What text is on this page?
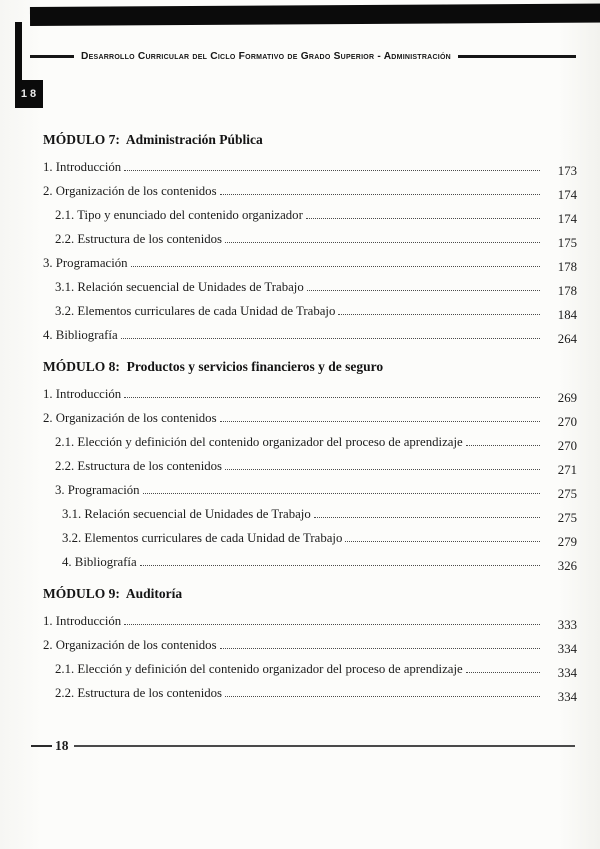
18
Desarrollo Curricular del Ciclo Formativo de Grado Superior - Administración
MÓDULO 7:  Administración Pública
1. Introducción	173
2. Organización de los contenidos	174
2.1. Tipo y enunciado del contenido organizador	174
2.2. Estructura de los contenidos	175
3. Programación	178
3.1. Relación secuencial de Unidades de Trabajo	178
3.2. Elementos curriculares de cada Unidad de Trabajo	184
4. Bibliografía	264
MÓDULO 8:  Productos y servicios financieros y de seguro
1. Introducción	269
2. Organización de los contenidos	270
2.1. Elección y definición del contenido organizador del proceso de aprendizaje	270
2.2. Estructura de los contenidos	271
3. Programación	275
3.1. Relación secuencial de Unidades de Trabajo	275
3.2. Elementos curriculares de cada Unidad de Trabajo	279
4. Bibliografía	326
MÓDULO 9:  Auditoría
1. Introducción	333
2. Organización de los contenidos	334
2.1. Elección y definición del contenido organizador del proceso de aprendizaje	334
2.2. Estructura de los contenidos	334
18
